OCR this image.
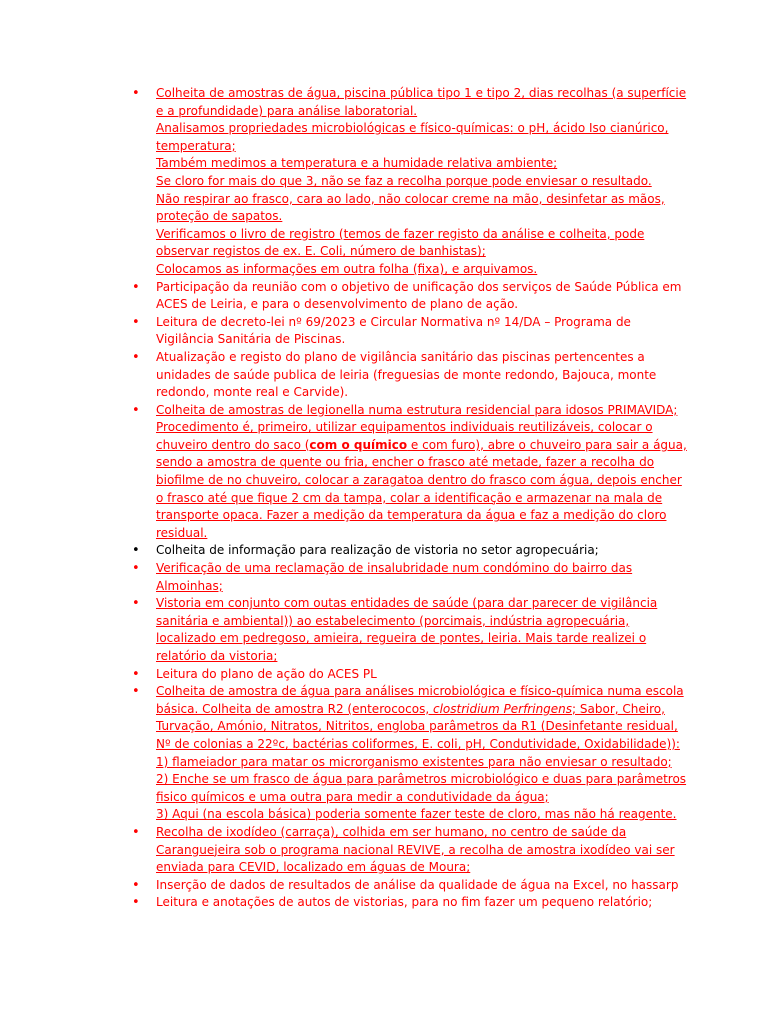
• Colheita de amostras de água, piscina pública tipo 1 e tipo 2, dias recolhas (a superfície
e a profundidade) para análise laboratorial.
Analisamos propriedades microbiológicas e físico-químicas: o pH, ácido Iso cianúrico,
temperatura;
Também medimos a temperatura e a humidade relativa ambiente;
Se cloro for mais do que 3, não se faz a recolha porque pode enviesar o resultado.
Não respirar ao frasco, cara ao lado, não colocar creme na mão, desinfetar as mãos,
proteção de sapatos.
Verificamos o livro de registro (temos de fazer registo da análise e colheita, pode
observar registos de ex. E. Coli, número de banhistas);
Colocamos as informações em outra folha (fixa), e arquivamos.
• Participação da reunião com o objetivo de unificação dos serviços de Saúde Pública em
ACES de Leiria, e para o desenvolvimento de plano de ação.
• Leitura de decreto-lei nº 69/2023 e Circular Normativa nº 14/DA – Programa de
Vigilância Sanitária de Piscinas.
• Atualização e registo do plano de vigilância sanitário das piscinas pertencentes a
unidades de saúde publica de leiria (freguesias de monte redondo, Bajouca, monte
redondo, monte real e Carvide).
• Colheita de amostras de legionella numa estrutura residencial para idosos PRIMAVIDA;
Procedimento é, primeiro, utilizar equipamentos individuais reutilizáveis, colocar o
chuveiro dentro do saco (com o químico e com furo), abre o chuveiro para sair a água,
sendo a amostra de quente ou fria, encher o frasco até metade, fazer a recolha do
biofilme de no chuveiro, colocar a zaragatoa dentro do frasco com água, depois encher
o frasco até que fique 2 cm da tampa, colar a identificação e armazenar na mala de
transporte opaca. Fazer a medição da temperatura da água e faz a medição do cloro
residual.
• Colheita de informação para realização de vistoria no setor agropecuária;
• Verificação de uma reclamação de insalubridade num condómino do bairro das
Almoinhas;
• Vistoria em conjunto com outas entidades de saúde (para dar parecer de vigilância
sanitária e ambiental)) ao estabelecimento (porcimais, indústria agropecuária,
localizado em pedregoso, amieira, regueira de pontes, leiria. Mais tarde realizei o
relatório da vistoria;
• Leitura do plano de ação do ACES PL
• Colheita de amostra de água para análises microbiológica e físico-química numa escola
básica. Colheita de amostra R2 (enterococos, clostridium Perfringens; Sabor, Cheiro,
Turvação, Amónio, Nitratos, Nitritos, engloba parâmetros da R1 (Desinfetante residual,
Nº de colonias a 22ºc, bactérias coliformes, E. coli, pH, Condutividade, Oxidabilidade)):
1) flameiador para matar os microrganismo existentes para não enviesar o resultado;
2) Enche se um frasco de água para parâmetros microbiológico e duas para parâmetros
fisico químicos e uma outra para medir a condutividade da água;
3) Aqui (na escola básica) poderia somente fazer teste de cloro, mas não há reagente.
• Recolha de ixodídeo (carraça), colhida em ser humano, no centro de saúde da
Caranguejeira sob o programa nacional REVIVE, a recolha de amostra ixodídeo vai ser
enviada para CEVID, localizado em águas de Moura;
• Inserção de dados de resultados de análise da qualidade de água na Excel, no hassarp
• Leitura e anotações de autos de vistorias, para no fim fazer um pequeno relatório;
